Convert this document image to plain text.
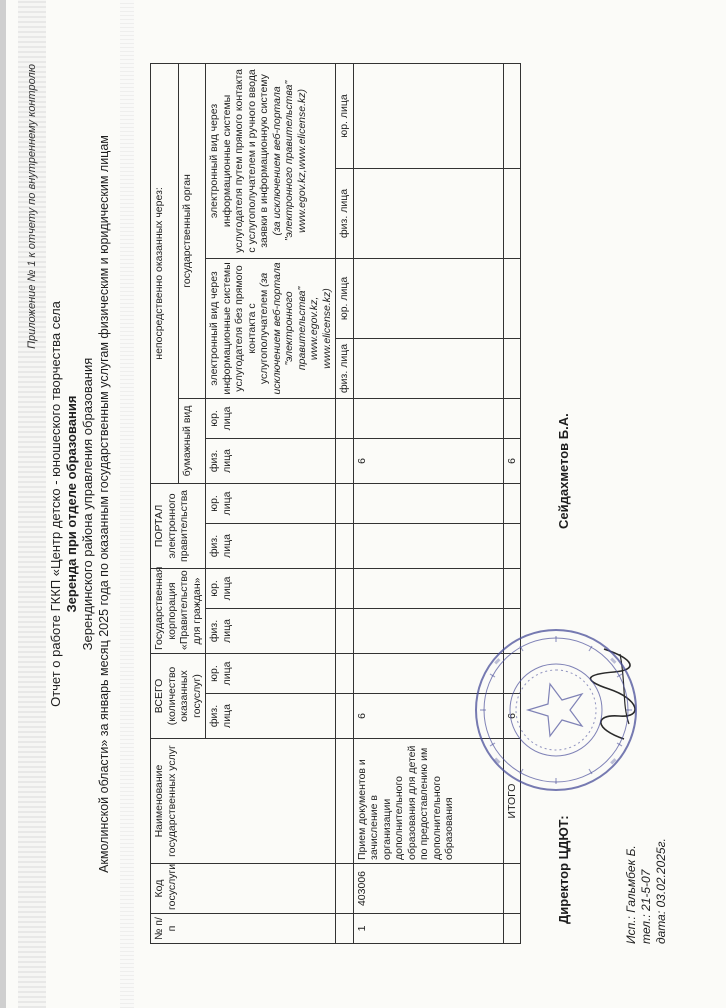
Приложение № 1 к отчету по внутреннему контролю
Отчет о работе ГККП «Центр детско - юношеского творчества села Зеренда при отделе образования Зерендинского района управления образования Акмолинской области» за январь месяц 2025 года по оказанным государственным услугам физическим и юридическим лицам
№ п/п	Код госуслуги	Наименование государственных услуг	ВСЕГО (количество оказанных госуслуг)		Государственная корпорация «Правительство для граждан»		ПОРТАЛ электронного правительства		непосредственно оказанных через:					
									бумажный вид		государственный орган			
			физ. лица	юр. лица	физ. лица	юр. лица	физ. лица	юр. лица	физ. лица	юр. лица	электронный вид через информационные системы услугодателя без прямого контакта с услугополучателем (за исключением веб-портала "электронного правительства" www.egov.kz, www.elicense.kz)		электронный вид через информационные системы услугодателя путем прямого контакта с услугополучателем и ручного ввода заявки в информационную систему (за исключением веб-портала "электронного правительства" www.egov.kz,www.elicense.kz)	
											физ. лица	юр. лица	физ. лица	юр. лица
1	403006	Прием документов и зачисление в организации дополнительного образования для детей по предоставлению им дополнительного образования	6						6					
		ИТОГО	6						6					
Директор ЦДЮТ:
Сейдахметов Б.А.
Исп.: Гальмбек Б. тел.: 21-5-07 дата: 03.02.2025г.
